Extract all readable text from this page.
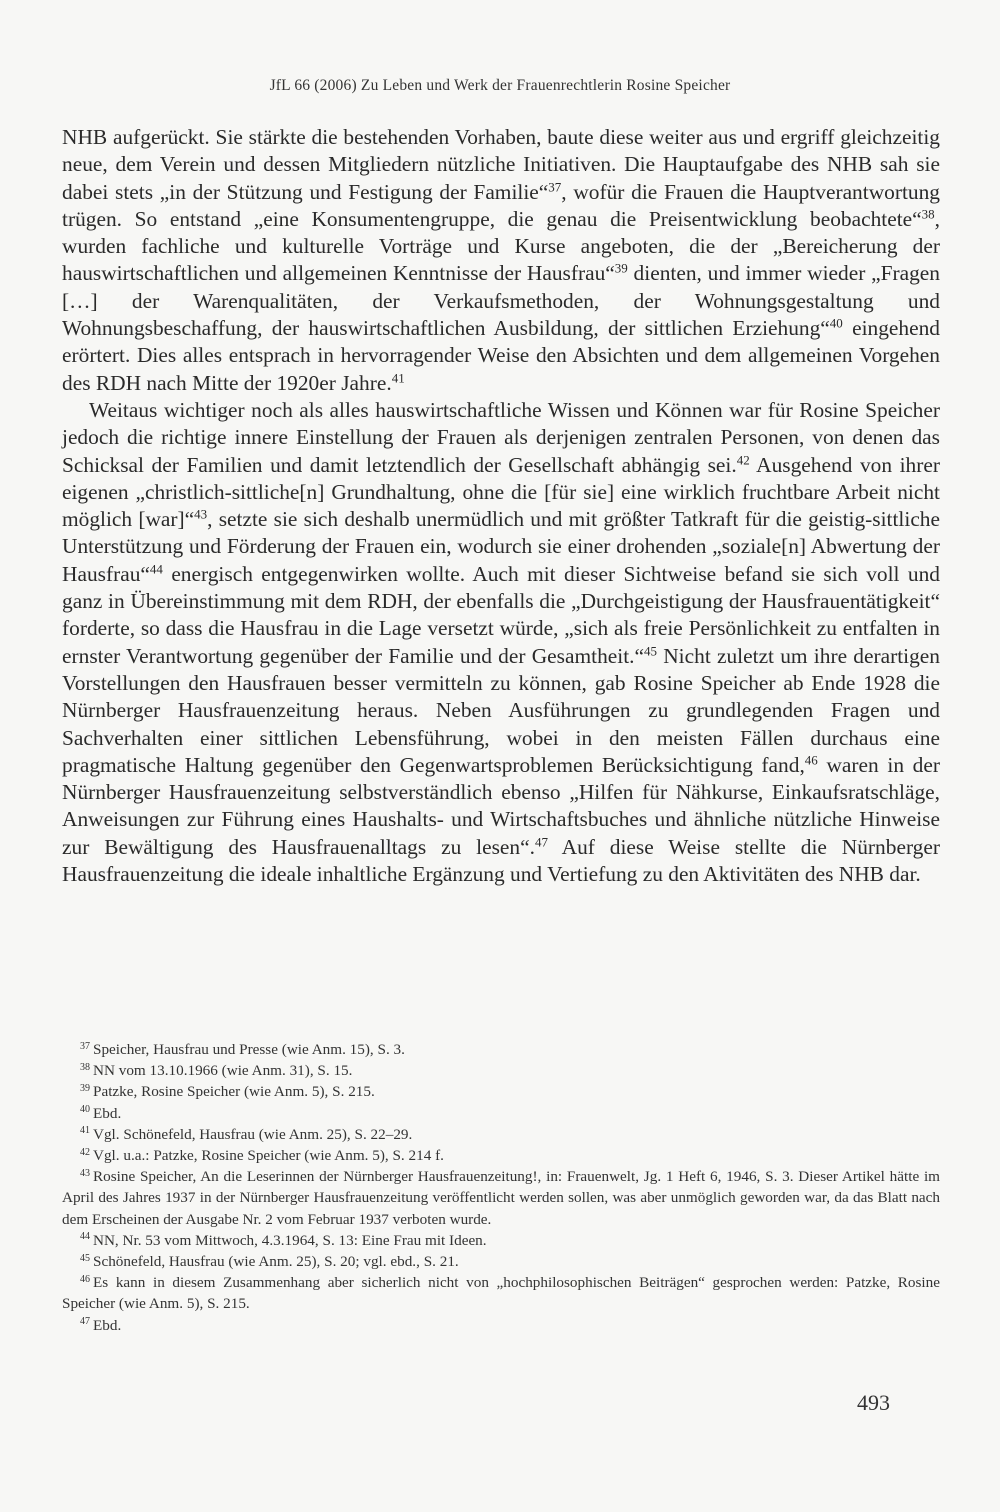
JfL 66 (2006) Zu Leben und Werk der Frauenrechtlerin Rosine Speicher

NHB aufgerückt. Sie stärkte die bestehenden Vorhaben, baute diese weiter aus und ergriff gleichzeitig neue, dem Verein und dessen Mitgliedern nützliche Initiativen. Die Hauptaufgabe des NHB sah sie dabei stets „in der Stützung und Festigung der Familie“$^{37}$, wofür die Frauen die Hauptverantwortung trügen. So entstand „eine Konsumentengruppe, die genau die Preisentwicklung beobachtete“$^{38}$, wurden fachliche und kulturelle Vorträge und Kurse angeboten, die der „Bereicherung der hauswirtschaftlichen und allgemeinen Kenntnisse der Hausfrau“$^{39}$ dienten, und immer wieder „Fragen […] der Warenqualitäten, der Verkaufsmethoden, der Wohnungsgestaltung und Wohnungsbeschaffung, der hauswirtschaftlichen Ausbildung, der sittlichen Erziehung“$^{40}$ eingehend erörtert. Dies alles entsprach in hervorragender Weise den Absichten und dem allgemeinen Vorgehen des RDH nach Mitte der 1920er Jahre.$^{41}$

Weitaus wichtiger noch als alles hauswirtschaftliche Wissen und Können war für Rosine Speicher jedoch die richtige innere Einstellung der Frauen als derjenigen zentralen Personen, von denen das Schicksal der Familien und damit letztendlich der Gesellschaft abhängig sei.$^{42}$ Ausgehend von ihrer eigenen „christlich-sittliche[n] Grundhaltung, ohne die [für sie] eine wirklich fruchtbare Arbeit nicht möglich [war]“$^{43}$, setzte sie sich deshalb unermüdlich und mit größter Tatkraft für die geistig-sittliche Unterstützung und Förderung der Frauen ein, wodurch sie einer drohenden „soziale[n] Abwertung der Hausfrau“$^{44}$ energisch entgegenwirken wollte. Auch mit dieser Sichtweise befand sie sich voll und ganz in Übereinstimmung mit dem RDH, der ebenfalls die „Durchgeistigung der Hausfrauentätigkeit“ forderte, so dass die Hausfrau in die Lage versetzt würde, „sich als freie Persönlichkeit zu entfalten in ernster Verantwortung gegenüber der Familie und der Gesamtheit.“$^{45}$ Nicht zuletzt um ihre derartigen Vorstellungen den Hausfrauen besser vermitteln zu können, gab Rosine Speicher ab Ende 1928 die Nürnberger Hausfrauenzeitung heraus. Neben Ausführungen zu grundlegenden Fragen und Sachverhalten einer sittlichen Lebensführung, wobei in den meisten Fällen durchaus eine pragmatische Haltung gegenüber den Gegenwartsproblemen Berücksichtigung fand,$^{46}$ waren in der Nürnberger Hausfrauenzeitung selbstverständlich ebenso „Hilfen für Nähkurse, Einkaufsratschläge, Anweisungen zur Führung eines Haushalts- und Wirtschaftsbuches und ähnliche nützliche Hinweise zur Bewältigung des Hausfrauenalltags zu lesen“.$^{47}$ Auf diese Weise stellte die Nürnberger Hausfrauenzeitung die ideale inhaltliche Ergänzung und Vertiefung zu den Aktivitäten des NHB dar.

$^{37}$ Speicher, Hausfrau und Presse (wie Anm. 15), S. 3.
$^{38}$ NN vom 13.10.1966 (wie Anm. 31), S. 15.
$^{39}$ Patzke, Rosine Speicher (wie Anm. 5), S. 215.
$^{40}$ Ebd.
$^{41}$ Vgl. Schönefeld, Hausfrau (wie Anm. 25), S. 22–29.
$^{42}$ Vgl. u.a.: Patzke, Rosine Speicher (wie Anm. 5), S. 214 f.
$^{43}$ Rosine Speicher, An die Leserinnen der Nürnberger Hausfrauenzeitung!, in: Frauenwelt, Jg. 1 Heft 6, 1946, S. 3. Dieser Artikel hätte im April des Jahres 1937 in der Nürnberger Hausfrauenzeitung veröffentlicht werden sollen, was aber unmöglich geworden war, da das Blatt nach dem Erscheinen der Ausgabe Nr. 2 vom Februar 1937 verboten wurde.
$^{44}$ NN, Nr. 53 vom Mittwoch, 4.3.1964, S. 13: Eine Frau mit Ideen.
$^{45}$ Schönefeld, Hausfrau (wie Anm. 25), S. 20; vgl. ebd., S. 21.
$^{46}$ Es kann in diesem Zusammenhang aber sicherlich nicht von „hochphilosophischen Beiträgen“ gesprochen werden: Patzke, Rosine Speicher (wie Anm. 5), S. 215.
$^{47}$ Ebd.
493
